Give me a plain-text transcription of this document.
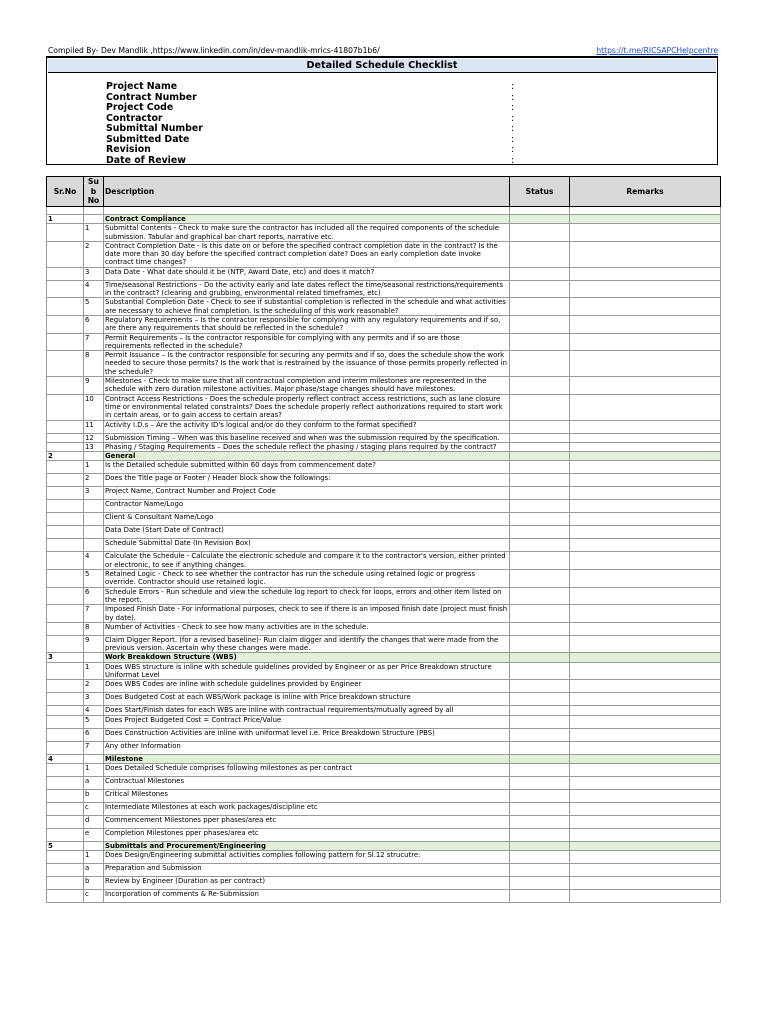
Compiled By- Dev Mandlik ,https://www.linkedin.com/in/dev-mandlik-mrics-41807b1b6/	https://t.me/RICSAPCHelpcentre
Detailed Schedule Checklist
Project Name	:
Contract Number	:
Project Code	:
Contractor	:
Submittal Number	:
Submitted Date	:
Revision	:
Date of Review	:
Sr.No	Su b No	Description	Status	Remarks

1		Contract Compliance		
	1	Submittal Contents - Check to make sure the contractor has included all the required components of the schedule submission. Tabular and graphical bar chart reports, narrative etc.		
	2	Contract Completion Date - Is this date on or before the specified contract completion date in the contract? Is the date more than 30 day before the specified contract completion date? Does an early completion date invoke contract time changes?		
	3	Data Date - What date should it be (NTP, Award Date, etc) and does it match?		
	4	Time/seasonal Restrictions - Do the activity early and late dates reflect the time/seasonal restrictions/requirements in the contract? (clearing and grubbing, environmental related timeframes, etc)		
	5	Substantial Completion Date - Check to see if substantial completion is reflected in the schedule and what activities are necessary to achieve final completion. Is the scheduling of this work reasonable?		
	6	Regulatory Requirements – Is the contractor responsible for complying with any regulatory requirements and if so, are there any requirements that should be reflected in the schedule?		
	7	Permit Requirements – Is the contractor responsible for complying with any permits and if so are those requirements reflected in the schedule?		
	8	Permit Issuance – Is the contractor responsible for securing any permits and if so, does the schedule show the work needed to secure those permits? Is the work that is restrained by the issuance of those permits properly reflected in the schedule?		
	9	Milestones - Check to make sure that all contractual completion and interim milestones are represented in the schedule with zero duration milestone activities. Major phase/stage changes should have milestones.		
	10	Contract Access Restrictions - Does the schedule properly reflect contract access restrictions, such as lane closure time or environmental related constraints? Does the schedule properly reflect authorizations required to start work in certain areas, or to gain access to certain areas?		
	11	Activity I.D.s – Are the activity ID's logical and/or do they conform to the format specified?		
	12	Submission Timing – When was this baseline received and when was the submission required by the specification.		
	13	Phasing / Staging Requirements – Does the schedule reflect the phasing / staging plans required by the contract?		
2		General		
	1	Is the Detailed schedule submitted within 60 days from commencement date?		
	2	Does the Title page or Footer / Header block show the followings:		
	3	Project Name, Contract Number and Project Code		
		Contractor Name/Logo		
		Client & Consultant Name/Logo		
		Data Date (Start Date of Contract)		
		Schedule Submittal Date (In Revision Box)		
	4	Calculate the Schedule - Calculate the electronic schedule and compare it to the contractor's version, either printed or electronic, to see if anything changes.		
	5	Retained Logic - Check to see whether the contractor has run the schedule using retained logic or progress override. Contractor should use retained logic.		
	6	Schedule Errors - Run schedule and view the schedule log report to check for loops, errors and other item listed on the report.		
	7	Imposed Finish Date - For informational purposes, check to see if there is an imposed finish date (project must finish by date).		
	8	Number of Activities - Check to see how many activities are in the schedule.		
	9	Claim Digger Report. (for a revised baseline)- Run claim digger and identify the changes that were made from the previous version. Ascertain why these changes were made.		
3		Work Breakdown Structure (WBS)		
	1	Does WBS structure is inline with schedule guidelines provided by Engineer or as per Price Breakdown structure Uniformat Level		
	2	Does WBS Codes are inline with schedule guidelines provided by Engineer		
	3	Does Budgeted Cost at each WBS/Work package is inline with Price breakdown structure		
	4	Does Start/Finish dates for each WBS are inline with contractual requirements/mutually agreed by all		
	5	Does Project Budgeted Cost = Contract Price/Value		
	6	Does Construction Activities are inline with uniformat level i.e. Price Breakdown Structure (PBS)		
	7	Any other Information		
4		Milestone		
	1	Does Detailed Schedule comprises following milestones as per contract		
	a	Contractual Milestones		
	b	Critical Milestones		
	c	Intermediate Milestones at each work packages/discipline etc		
	d	Commencement Milestones pper phases/area etc		
	e	Completion Milestones pper phases/area etc		
5		Submittals and Procurement/Engineering		
	1	Does Design/Engineering submittal activities complies following pattern for Sl.12 strucutre:		
	a	Preparation and Submission		
	b	Review by Engineer (Duration as per contract)		
	c	Incorporation of comments & Re-Submission		
